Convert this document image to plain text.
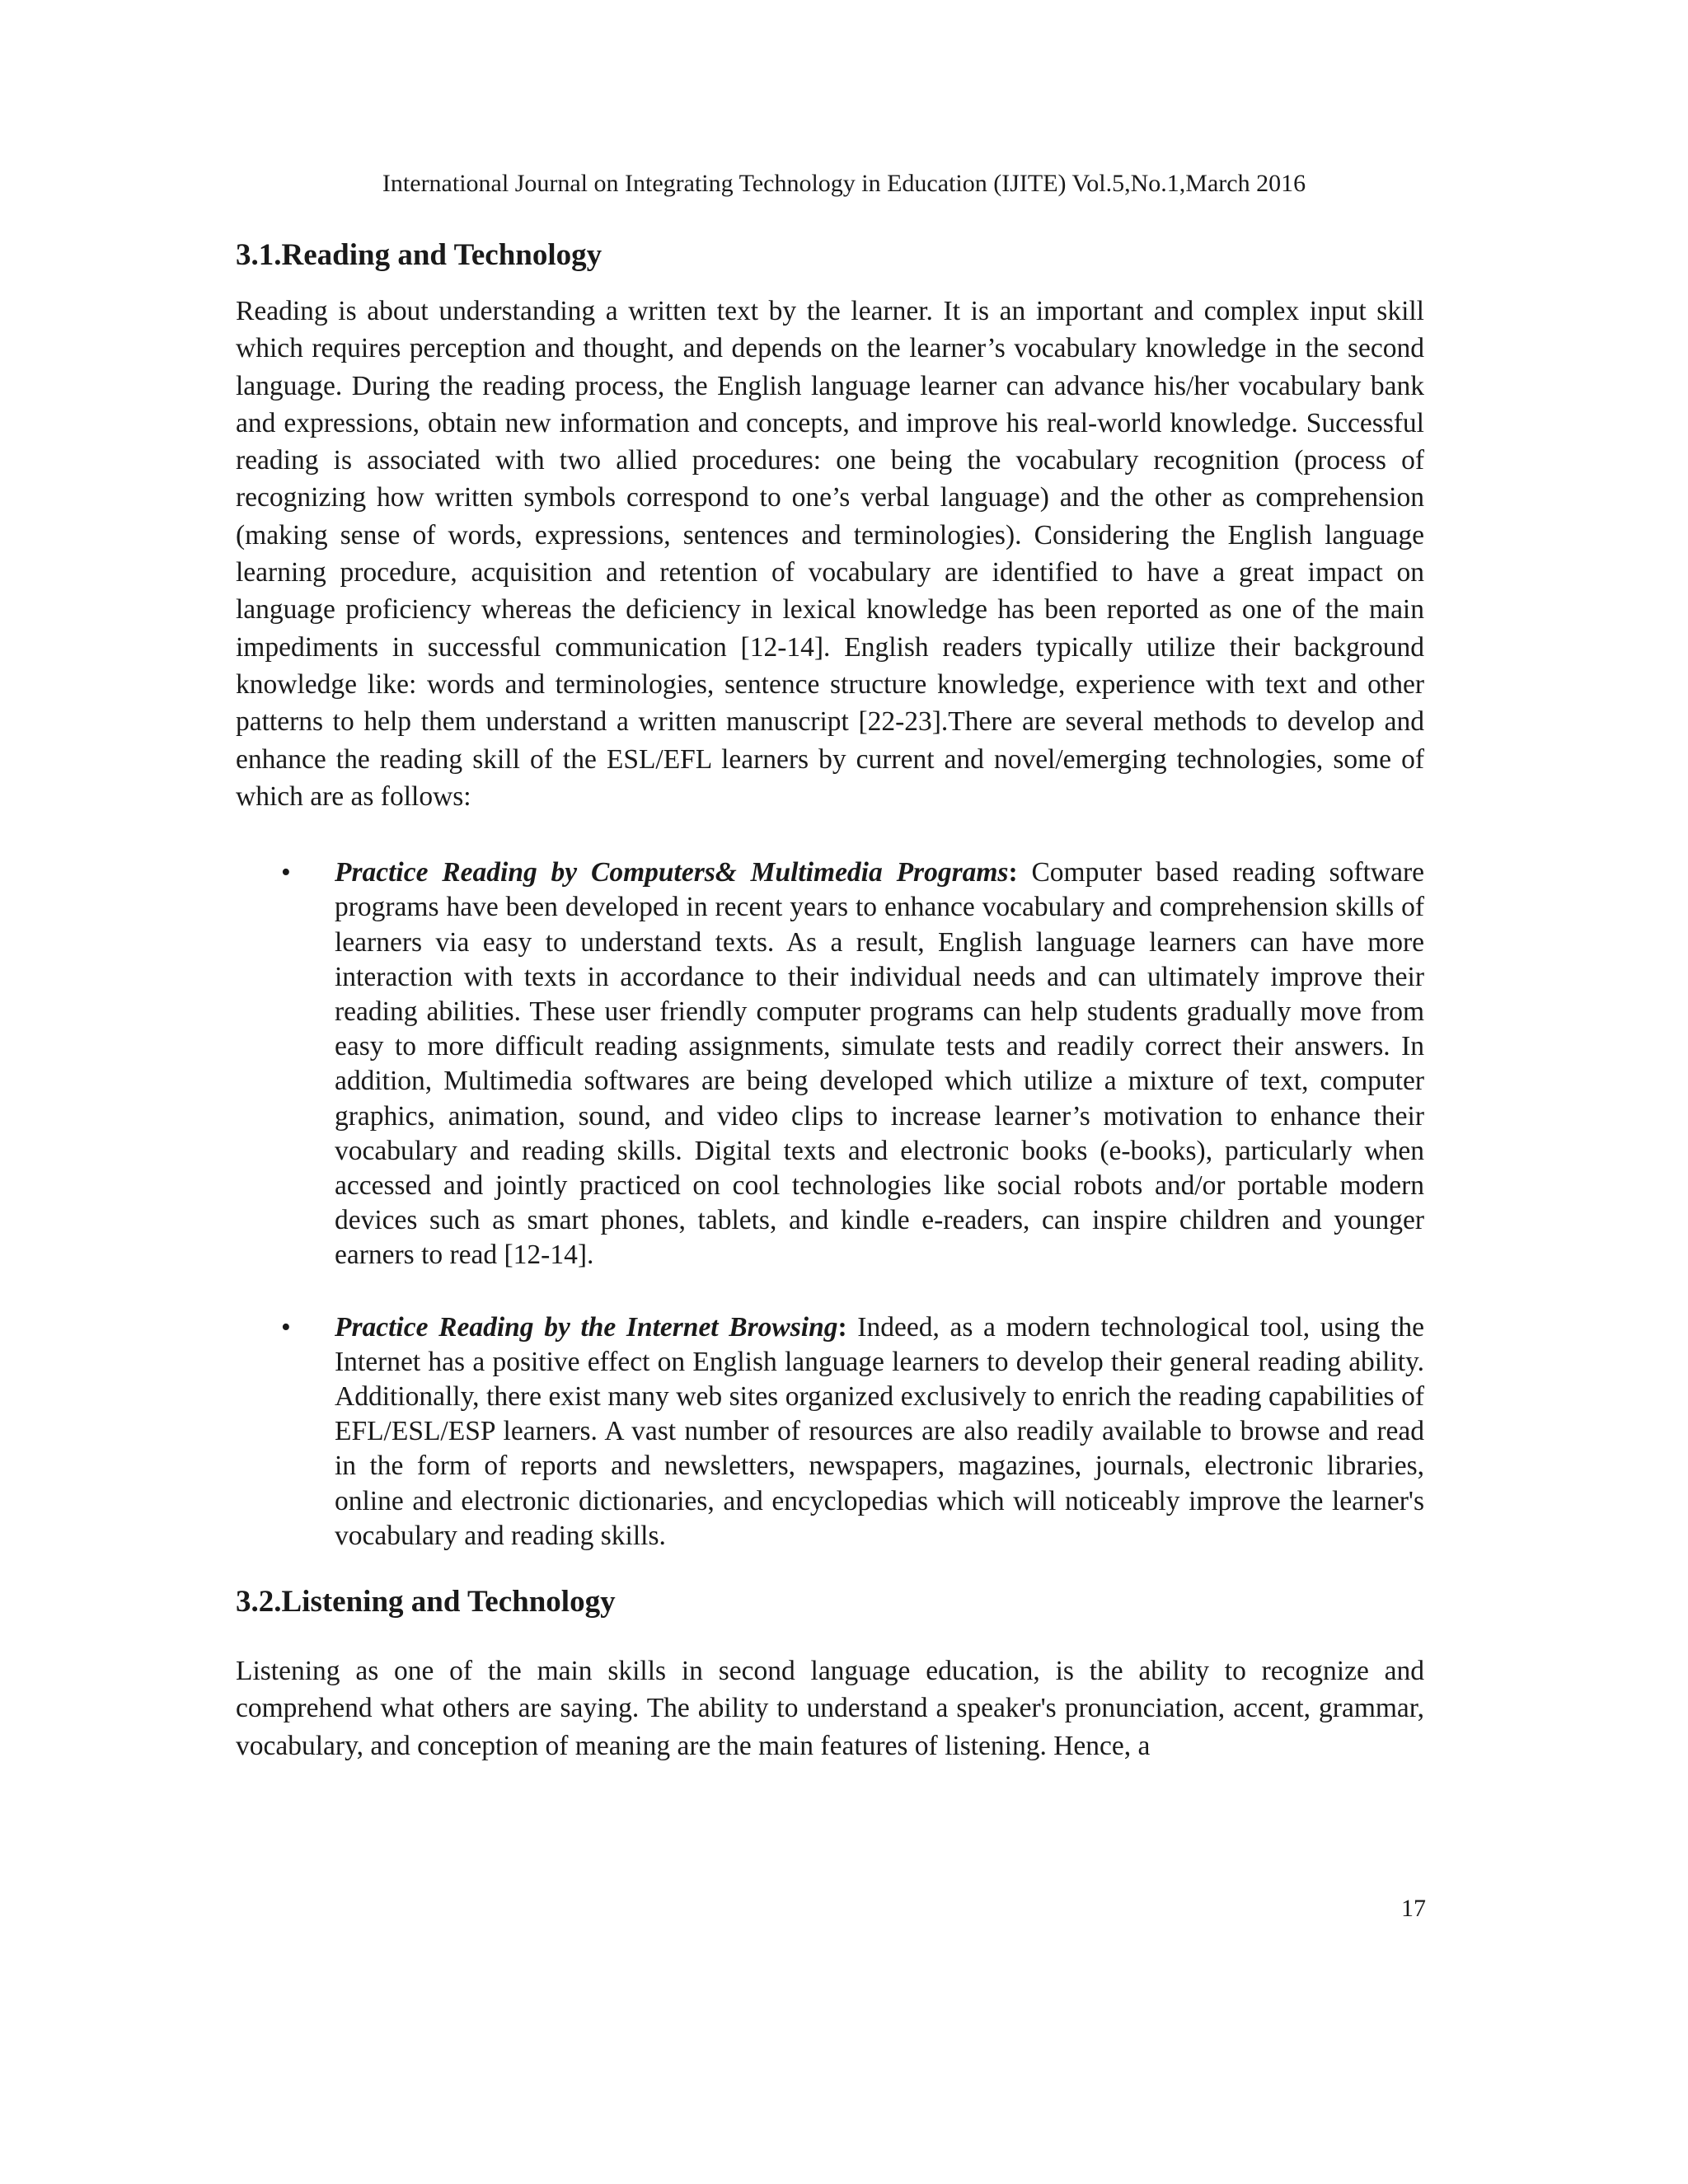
International Journal on Integrating Technology in Education (IJITE) Vol.5,No.1,March 2016
3.1.Reading and Technology

Reading is about understanding a written text by the learner. It is an important and complex input skill which requires perception and thought, and depends on the learner’s vocabulary knowledge in the second language. During the reading process, the English language learner can advance his/her vocabulary bank and expressions, obtain new information and concepts, and improve his real-world knowledge. Successful reading is associated with two allied procedures: one being the vocabulary recognition (process of recognizing how written symbols correspond to one’s verbal language) and the other as comprehension (making sense of words, expressions, sentences and terminologies). Considering the English language learning procedure, acquisition and retention of vocabulary are identified to have a great impact on language proficiency whereas the deficiency in lexical knowledge has been reported as one of the main impediments in successful communication [12-14]. English readers typically utilize their background knowledge like: words and terminologies, sentence structure knowledge, experience with text and other patterns to help them understand a written manuscript [22-23].There are several methods to develop and enhance the reading skill of the ESL/EFL learners by current and novel/emerging technologies, some of which are as follows:

• Practice Reading by Computers& Multimedia Programs: Computer based reading software programs have been developed in recent years to enhance vocabulary and comprehension skills of learners via easy to understand texts. As a result, English language learners can have more interaction with texts in accordance to their individual needs and can ultimately improve their reading abilities. These user friendly computer programs can help students gradually move from easy to more difficult reading assignments, simulate tests and readily correct their answers. In addition, Multimedia softwares are being developed which utilize a mixture of text, computer graphics, animation, sound, and video clips to increase learner’s motivation to enhance their vocabulary and reading skills. Digital texts and electronic books (e-books), particularly when accessed and jointly practiced on cool technologies like social robots and/or portable modern devices such as smart phones, tablets, and kindle e-readers, can inspire children and younger earners to read [12-14].
• Practice Reading by the Internet Browsing: Indeed, as a modern technological tool, using the Internet has a positive effect on English language learners to develop their general reading ability. Additionally, there exist many web sites organized exclusively to enrich the reading capabilities of EFL/ESL/ESP learners. A vast number of resources are also readily available to browse and read in the form of reports and newsletters, newspapers, magazines, journals, electronic libraries, online and electronic dictionaries, and encyclopedias which will noticeably improve the learner's vocabulary and reading skills.
3.2.Listening and Technology

Listening as one of the main skills in second language education, is the ability to recognize and comprehend what others are saying. The ability to understand a speaker's pronunciation, accent, grammar, vocabulary, and conception of meaning are the main features of listening. Hence, a

17
